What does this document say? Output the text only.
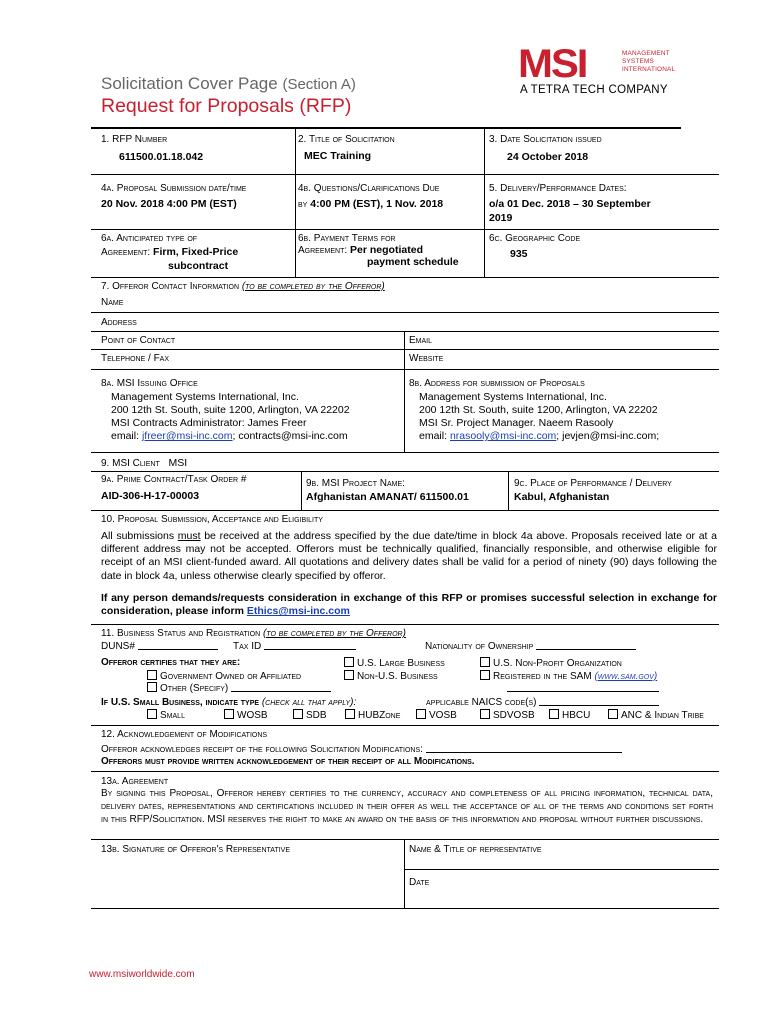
Solicitation Cover Page (Section A)
Request for Proposals (RFP)
MSI	MANAGEMENT
SYSTEMS
INTERNATIONAL
A TETRA TECH COMPANY
1. RFP Number
611500.01.18.042
2. Title of Solicitation
MEC Training
3. Date Solicitation issued
24 October 2018
4a. Proposal Submission date/time
20 Nov. 2018 4:00 PM (EST)
4b. Questions/Clarifications Due
by 4:00 PM (EST), 1 Nov. 2018
5. Delivery/Performance Dates:
o/a 01 Dec. 2018 – 30 September
2019
6a. Anticipated type of
Agreement: Firm, Fixed-Price
subcontract
6b. Payment Terms for
Agreement: Per negotiated
payment schedule
6c. Geographic Code
935
7. Offeror Contact Information (to be completed by the Offeror)
Name
Address
Point of Contact	Email
Telephone / Fax	Website
8a. MSI Issuing Office
Management Systems International, Inc.
200 12th St. South, suite 1200, Arlington, VA 22202
MSI Contracts Administrator: James Freer
email: jfreer@msi-inc.com; contracts@msi-inc.com
8b. Address for submission of Proposals
Management Systems International, Inc.
200 12th St. South, suite 1200, Arlington, VA 22202
MSI Sr. Project Manager. Naeem Rasooly
email: nrasooly@msi-inc.com; jevjen@msi-inc.com;
9. MSI Client MSI
9a. Prime Contract/Task Order #
AID-306-H-17-00003
9b. MSI Project Name:
Afghanistan AMANAT/ 611500.01
9c. Place of Performance / Delivery
Kabul, Afghanistan
10. Proposal Submission, Acceptance and Eligibility
All submissions must be received at the address specified by the due date/time in block 4a above. Proposals received late or at a different address may not be accepted. Offerors must be technically qualified, financially responsible, and otherwise eligible for receipt of an MSI client-funded award. All quotations and delivery dates shall be valid for a period of ninety (90) days following the date in block 4a, unless otherwise clearly specified by offeror.
If any person demands/requests consideration in exchange of this RFP or promises successful selection in exchange for consideration, please inform Ethics@msi-inc.com
11. Business Status and Registration (to be completed by the Offeror)
DUNS#	Tax ID	Nationality of Ownership
Offeror certifies that they are:	U.S. Large Business	U.S. Non-Profit Organization
Government Owned or Affiliated	Non-U.S. Business	Registered in the SAM (www.sam.gov)
Other (Specify)
If U.S. Small Business, indicate type (check all that apply):	applicable NAICS code(s)
Small	WOSB	SDB	HUBZone	VOSB	SDVOSB	HBCU	ANC & Indian Tribe
12. Acknowledgement of Modifications
Offeror acknowledges receipt of the following Solicitation Modifications:
Offerors must provide written acknowledgement of their receipt of all Modifications.
13a. Agreement
By signing this Proposal, Offeror hereby certifies to the currency, accuracy and completeness of all pricing information, technical data, delivery dates, representations and certifications included in their offer as well the acceptance of all of the terms and conditions set forth in this RFP/Solicitation. MSI reserves the right to make an award on the basis of this information and proposal without further discussions.
13b. Signature of Offeror's Representative	Name & Title of representative
Date
www.msiworldwide.com
